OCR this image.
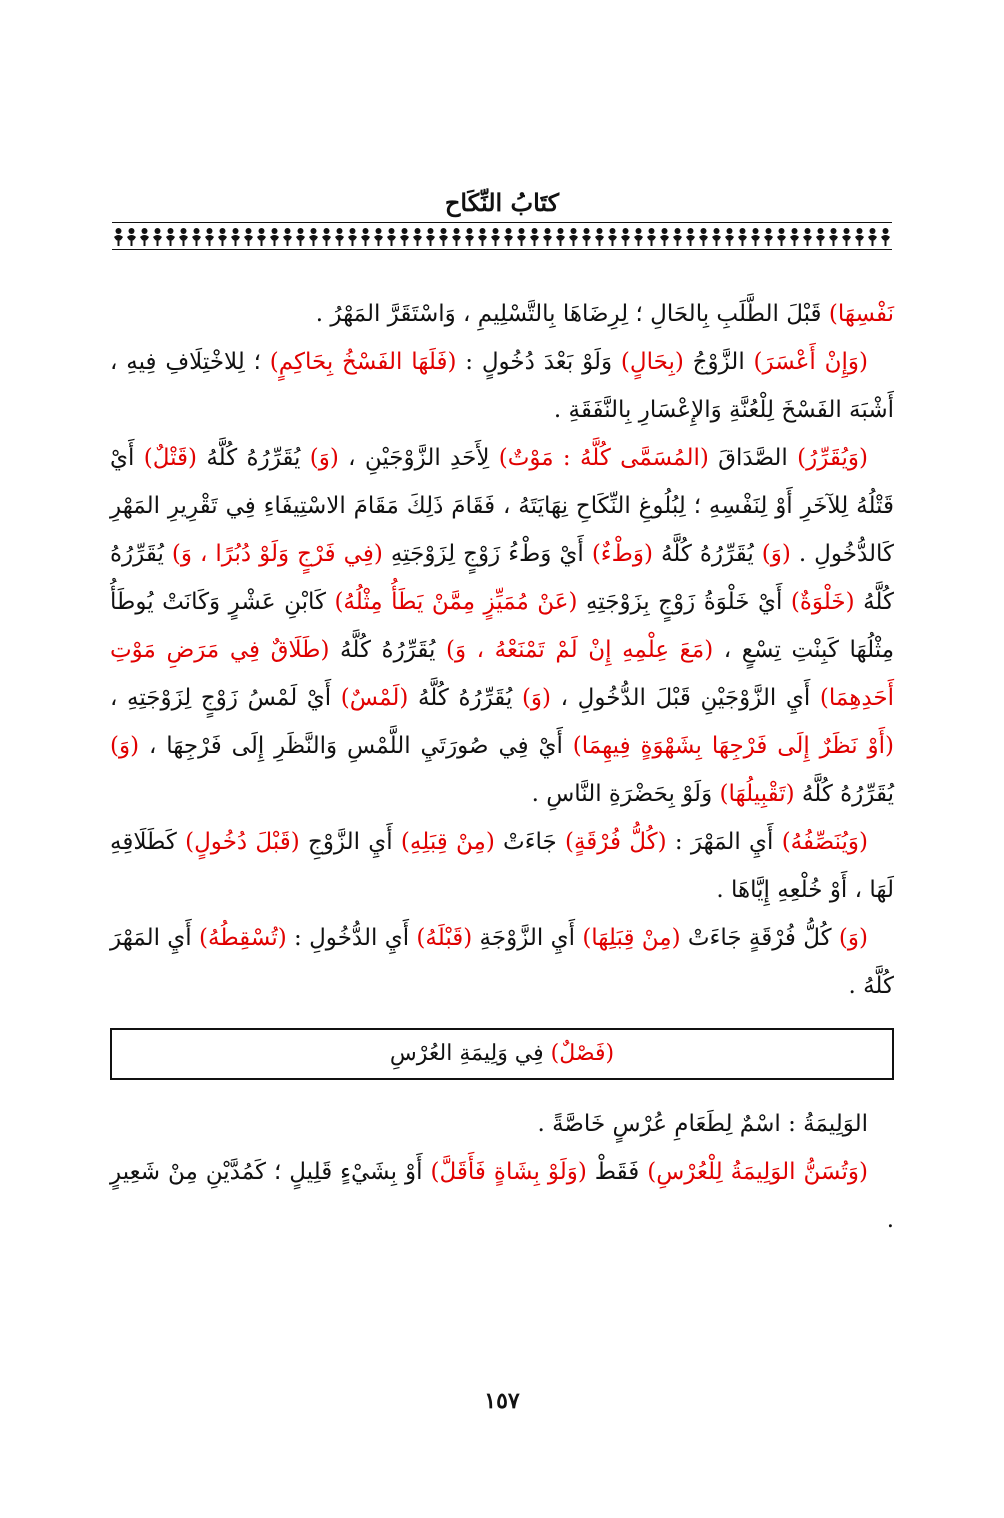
كتَابُ النِّكَاح

نَفْسِهَا) قَبْلَ الطَّلَبِ بِالحَالِ ؛ لِرِضَاهَا بِالتَّسْلِيمِ ، وَاسْتَقَرَّ المَهْرُ .

(وَإِنْ أَعْسَرَ) الزَّوْجُ (بِحَالٍ) وَلَوْ بَعْدَ دُخُولٍ : (فَلَهَا الفَسْخُ بِحَاكِمٍ) ؛ لِلاخْتِلَافِ فِيهِ ، أَشْبَهَ الفَسْخَ لِلْعُنَّةِ وَالإِعْسَارِ بِالنَّفَقَةِ .

(وَيُقَرِّرُ) الصَّدَاقَ (المُسَمَّى كُلَّهُ : مَوْتٌ) لِأَحَدِ الزَّوْجَيْنِ ، (وَ) يُقَرِّرُهُ كُلَّهُ (قَتْلٌ) أَيْ قَتْلُهُ لِلآخَرِ أَوْ لِنَفْسِهِ ؛ لِبُلُوغِ النِّكَاحِ نِهَايَتَهُ ، فَقَامَ ذَلِكَ مَقَامَ الاسْتِيفَاءِ فِي تَقْرِيرِ المَهْرِ كَالدُّخُولِ . (وَ) يُقَرِّرُهُ كُلَّهُ (وَطْءٌ) أَيْ وَطْءُ زَوْجٍ لِزَوْجَتِهِ (فِي فَرْجٍ وَلَوْ دُبُرًا ، وَ) يُقَرِّرُهُ كُلَّهُ (خَلْوَةٌ) أَيْ خَلْوَةُ زَوْجٍ بِزَوْجَتِهِ (عَنْ مُمَيِّزٍ مِمَّنْ يَطَأُ مِثْلُهُ) كَابْنِ عَشْرٍ وَكَانَتْ يُوطَأُ مِثْلُهَا كَبِنْتِ تِسْعٍ ، (مَعَ عِلْمِهِ إِنْ لَمْ تَمْنَعْهُ ، وَ) يُقَرِّرُهُ كُلَّهُ (طَلَاقٌ فِي مَرَضِ مَوْتِ أَحَدِهِمَا) أَيِ الزَّوْجَيْنِ قَبْلَ الدُّخُولِ ، (وَ) يُقَرِّرُهُ كُلَّهُ (لَمْسٌ) أَيْ لَمْسُ زَوْجٍ لِزَوْجَتِهِ ، (أَوْ نَظَرٌ إِلَى فَرْجِهَا بِشَهْوَةٍ فِيهِمَا) أَيْ فِي صُورَتَيِ اللَّمْسِ وَالنَّظَرِ إِلَى فَرْجِهَا ، (وَ) يُقَرِّرُهُ كُلَّهُ (تَقْبِيلُهَا) وَلَوْ بِحَضْرَةِ النَّاسِ .

(وَيُنَصِّفُهُ) أَيِ المَهْرَ : (كُلُّ فُرْقَةٍ) جَاءَتْ (مِنْ قِبَلِهِ) أَيِ الزَّوْجِ (قَبْلَ دُخُولٍ) كَطَلَاقِهِ لَهَا ، أَوْ خُلْعِهِ إِيَّاهَا .

(وَ) كُلُّ فُرْقَةٍ جَاءَتْ (مِنْ قِبَلِهَا) أَيِ الزَّوْجَةِ (قَبْلَهُ) أَيِ الدُّخُولِ : (تُسْقِطُهُ) أَيِ المَهْرَ كُلَّهُ .

(فَصْلٌ) فِي وَلِيمَةِ العُرْسِ

الوَلِيمَةُ : اسْمٌ لِطَعَامِ عُرْسٍ خَاصَّةً .

(وَتُسَنُّ الوَلِيمَةُ لِلْعُرْسِ) فَقَطْ (وَلَوْ بِشَاةٍ فَأَقَلَّ) أَوْ بِشَيْءٍ قَلِيلٍ ؛ كَمُدَّيْنِ مِنْ شَعِيرٍ .

١٥٧
